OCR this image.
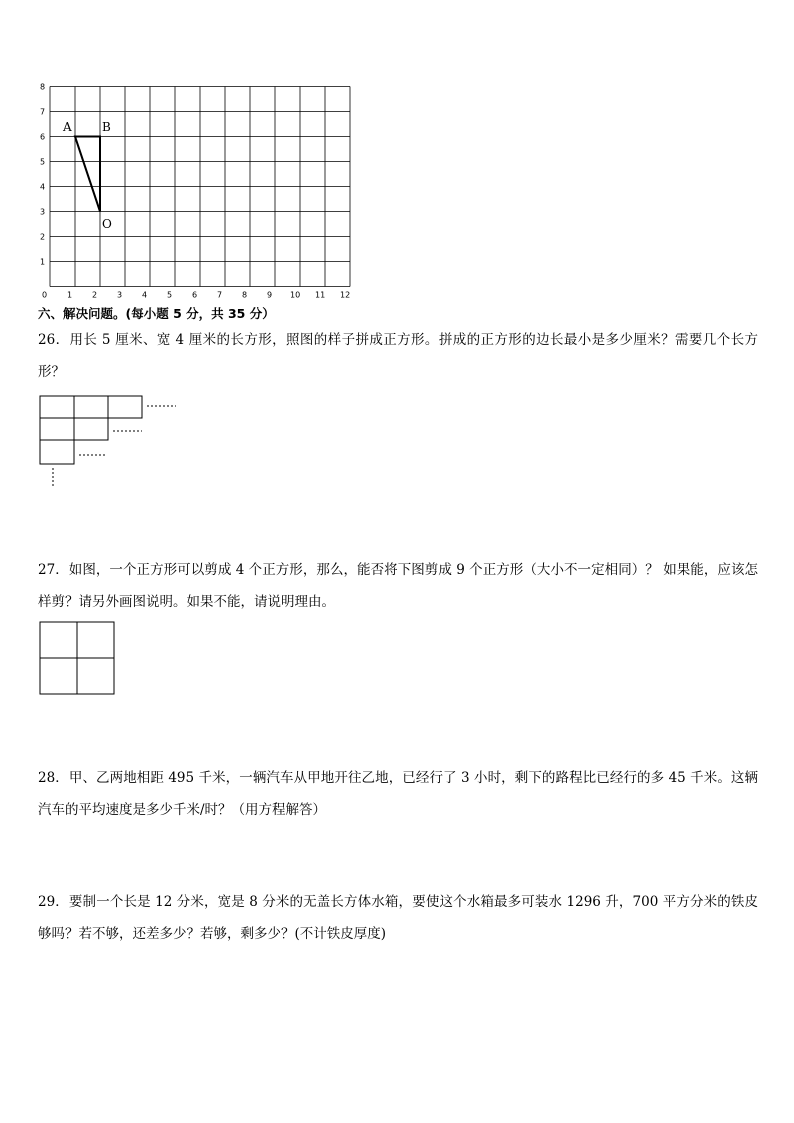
A	B
O
0 1 2 3 4 5 6 7 8 9 10 11 12
1
2
3
4
5
6
7
8
六、解决问题。(每小题 5 分，共 35 分）
26．用长 5 厘米、宽 4 厘米的长方形，照图的样子拼成正方形。拼成的正方形的边长最小是多少厘米？需要几个长方形？
27．如图，一个正方形可以剪成 4 个正方形，那么，能否将下图剪成 9 个正方形（大小不一定相同）？ 如果能，应该怎样剪？请另外画图说明。如果不能，请说明理由。
28．甲、乙两地相距 495 千米，一辆汽车从甲地开往乙地，已经行了 3 小时，剩下的路程比已经行的多 45 千米。这辆汽车的平均速度是多少千米/时？（用方程解答）
29．要制一个长是 12 分米，宽是 8 分米的无盖长方体水箱，要使这个水箱最多可装水 1296 升，700 平方分米的铁皮够吗？若不够，还差多少？若够，剩多少？(不计铁皮厚度)
